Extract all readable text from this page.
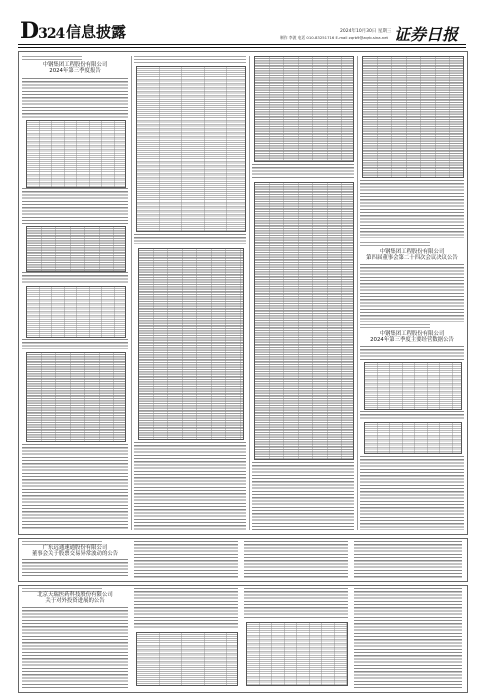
D324 信息披露	2024年10月30日 星期三
制作 李波 电话 010-83251716 E-mail zqrb9@zqrb.sina.net 证券日报
中钢集团工程股份有限公司
2024年第三季度报告
中钢集团工程股份有限公司
第四届董事会第二十四次会议决议公告
中钢集团工程股份有限公司
2024年第三季度主要经营数据公告
广东远通速通股份有限公司
董事会关于股票交易异常波动的公告
北京天瑞医药科技股份有限公司
关于对外投资进展的公告
